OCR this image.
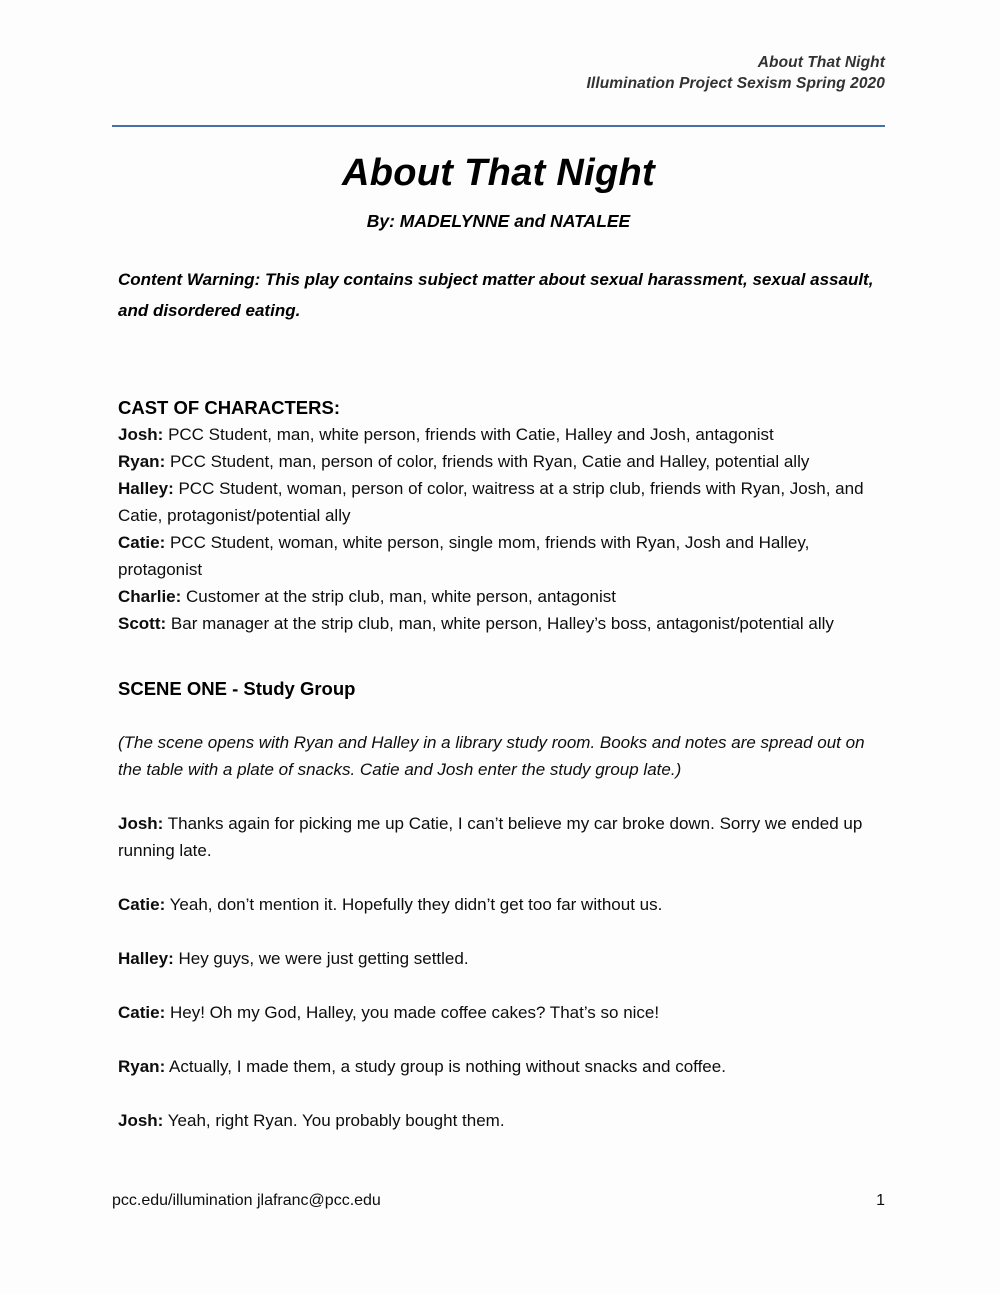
About That Night
Illumination Project Sexism Spring 2020
About That Night
By: MADELYNNE and NATALEE

Content Warning: This play contains subject matter about sexual harassment, sexual assault, and disordered eating.

CAST OF CHARACTERS:

Josh: PCC Student, man, white person, friends with Catie, Halley and Josh, antagonist
Ryan: PCC Student, man, person of color, friends with Ryan, Catie and Halley, potential ally
Halley: PCC Student, woman, person of color, waitress at a strip club, friends with Ryan, Josh, and Catie, protagonist/potential ally
Catie: PCC Student, woman, white person, single mom, friends with Ryan, Josh and Halley, protagonist
Charlie: Customer at the strip club, man, white person, antagonist
Scott: Bar manager at the strip club, man, white person, Halley’s boss, antagonist/potential ally

SCENE ONE - Study Group

(The scene opens with Ryan and Halley in a library study room. Books and notes are spread out on the table with a plate of snacks. Catie and Josh enter the study group late.)

Josh: Thanks again for picking me up Catie, I can’t believe my car broke down. Sorry we ended up running late.

Catie: Yeah, don’t mention it. Hopefully they didn’t get too far without us.

Halley: Hey guys, we were just getting settled.

Catie: Hey! Oh my God, Halley, you made coffee cakes? That’s so nice!

Ryan: Actually, I made them, a study group is nothing without snacks and coffee.

Josh: Yeah, right Ryan. You probably bought them.

pcc.edu/illumination jlafranc@pcc.edu	1
